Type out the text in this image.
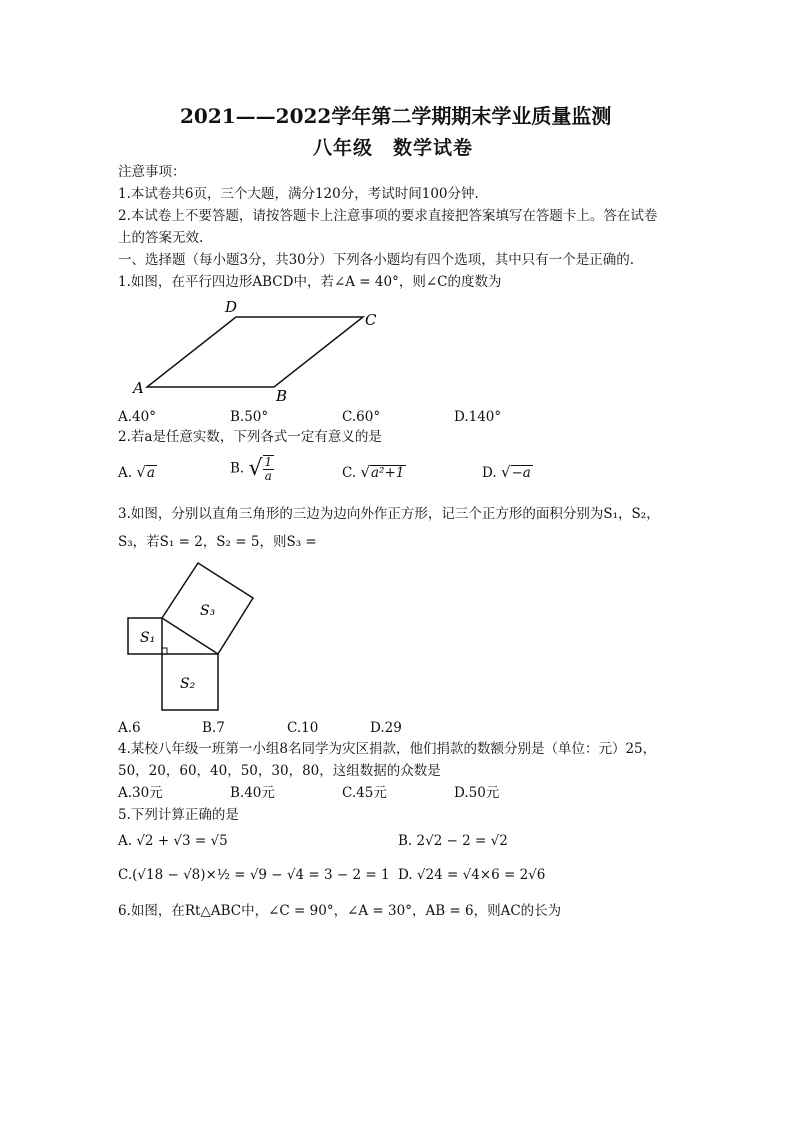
2021——2022学年第二学期期末学业质量监测
八年级　数学试卷
注意事项：
1.本试卷共6页，三个大题，满分120分，考试时间100分钟.
2.本试卷上不要答题，请按答题卡上注意事项的要求直接把答案填写在答题卡上。答在试卷
上的答案无效.
一、选择题（每小题3分，共30分）下列各小题均有四个选项，其中只有一个是正确的.
1.如图，在平行四边形ABCD中，若∠A = 40°，则∠C的度数为
A	B
C
D
A.40°	B.50°	C.60°	D.140°
2.若a是任意实数，下列各式一定有意义的是
A. √a	B. √ $\frac{1}{a}$	C. √a²+1	D. √−a
3.如图，分别以直角三角形的三边为边向外作正方形，记三个正方形的面积分别为S₁，S₂，
S₃，若S₁ = 2，S₂ = 5，则S₃ =
S₁
S₂
S₃
A.6	B.7	C.10	D.29
4.某校八年级一班第一小组8名同学为灾区捐款，他们捐款的数额分别是（单位：元）25，
50，20，60，40，50，30，80，这组数据的众数是
A.30元	B.40元	C.45元	D.50元
5.下列计算正确的是
A. √2 + √3 = √5	B. 2√2 − 2 = √2
C.(√18 − √8)×½ = √9 − √4 = 3 − 2 = 1 D. √24 = √4×6 = 2√6
6.如图，在Rt△ABC中，∠C = 90°，∠A = 30°，AB = 6，则AC的长为
